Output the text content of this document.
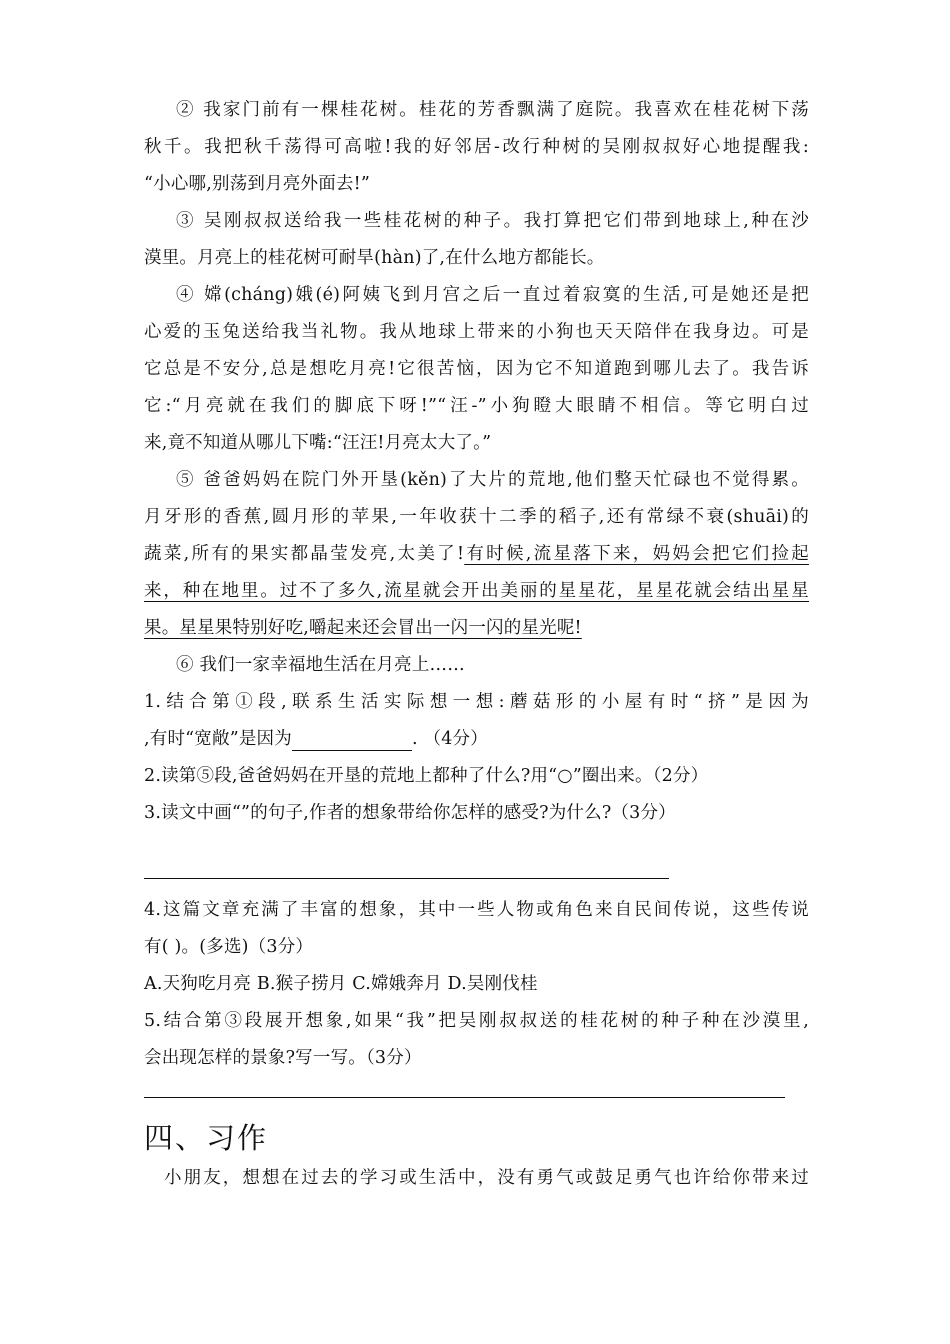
② 我家门前有一棵桂花树。桂花的芳香飘满了庭院。我喜欢在桂花树下荡
秋千。我把秋千荡得可高啦!我的好邻居-改行种树的吴刚叔叔好心地提醒我:
“小心哪,别荡到月亮外面去!”
③ 吴刚叔叔送给我一些桂花树的种子。我打算把它们带到地球上,种在沙
漠里。月亮上的桂花树可耐旱(hàn)了,在什么地方都能长。
④ 嫦(cháng)娥(é)阿姨飞到月宫之后一直过着寂寞的生活,可是她还是把
心爱的玉兔送给我当礼物。我从地球上带来的小狗也天天陪伴在我身边。可是
它总是不安分,总是想吃月亮!它很苦恼，因为它不知道跑到哪儿去了。我告诉
它:“月亮就在我们的脚底下呀!”“汪-”小狗瞪大眼睛不相信。等它明白过
来,竟不知道从哪儿下嘴:“汪汪!月亮太大了。”
⑤ 爸爸妈妈在院门外开垦(kěn)了大片的荒地,他们整天忙碌也不觉得累。
月牙形的香蕉,圆月形的苹果,一年收获十二季的稻子,还有常绿不衰(shuāi)的
蔬菜,所有的果实都晶莹发亮,太美了!有时候,流星落下来，妈妈会把它们捡起
来，种在地里。过不了多久,流星就会开出美丽的星星花，星星花就会结出星星
果。星星果特别好吃,嚼起来还会冒出一闪一闪的星光呢!
⑥ 我们一家幸福地生活在月亮上……
1.结合第①段,联系生活实际想一想:蘑菇形的小屋有时“挤”是因为
,有时“宽敞”是因为	. （4分）
2.读第⑤段,爸爸妈妈在开垦的荒地上都种了什么?用“○”圈出来。（2分）
3.读文中画“”的句子,作者的想象带给你怎样的感受?为什么?（3分）
4.这篇文章充满了丰富的想象，其中一些人物或角色来自民间传说，这些传说
有( )。(多选)（3分）
A.天狗吃月亮 B.猴子捞月 C.嫦娥奔月 D.吴刚伐桂
5.结合第③段展开想象,如果“我”把吴刚叔叔送的桂花树的种子种在沙漠里,
会出现怎样的景象?写一写。（3分）
四、习作
小朋友，想想在过去的学习或生活中，没有勇气或鼓足勇气也许给你带来过
